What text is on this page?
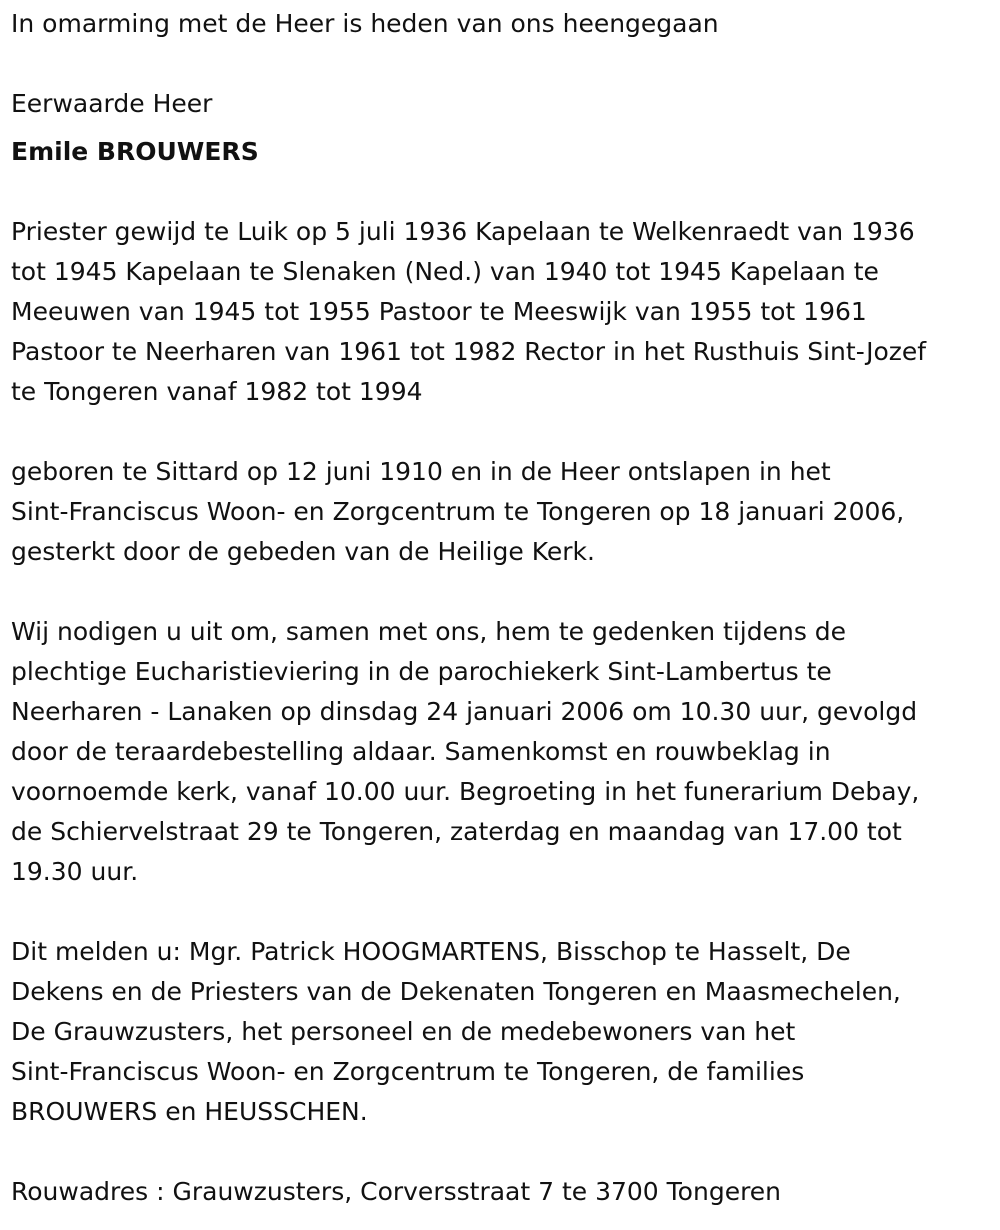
In omarming met de Heer is heden van ons heengegaan
Eerwaarde Heer
Emile BROUWERS
Priester gewijd te Luik op 5 juli 1936 Kapelaan te Welkenraedt van 1936
tot 1945 Kapelaan te Slenaken (Ned.) van 1940 tot 1945 Kapelaan te
Meeuwen van 1945 tot 1955 Pastoor te Meeswijk van 1955 tot 1961
Pastoor te Neerharen van 1961 tot 1982 Rector in het Rusthuis Sint-Jozef
te Tongeren vanaf 1982 tot 1994
geboren te Sittard op 12 juni 1910 en in de Heer ontslapen in het
Sint-Franciscus Woon- en Zorgcentrum te Tongeren op 18 januari 2006,
gesterkt door de gebeden van de Heilige Kerk.
Wij nodigen u uit om, samen met ons, hem te gedenken tijdens de
plechtige Eucharistieviering in de parochiekerk Sint-Lambertus te
Neerharen - Lanaken op dinsdag 24 januari 2006 om 10.30 uur, gevolgd
door de teraardebestelling aldaar. Samenkomst en rouwbeklag in
voornoemde kerk, vanaf 10.00 uur. Begroeting in het funerarium Debay,
de Schiervelstraat 29 te Tongeren, zaterdag en maandag van 17.00 tot
19.30 uur.
Dit melden u: Mgr. Patrick HOOGMARTENS, Bisschop te Hasselt, De
Dekens en de Priesters van de Dekenaten Tongeren en Maasmechelen,
De Grauwzusters, het personeel en de medebewoners van het
Sint-Franciscus Woon- en Zorgcentrum te Tongeren, de families
BROUWERS en HEUSSCHEN.
Rouwadres : Grauwzusters, Corversstraat 7 te 3700 Tongeren
